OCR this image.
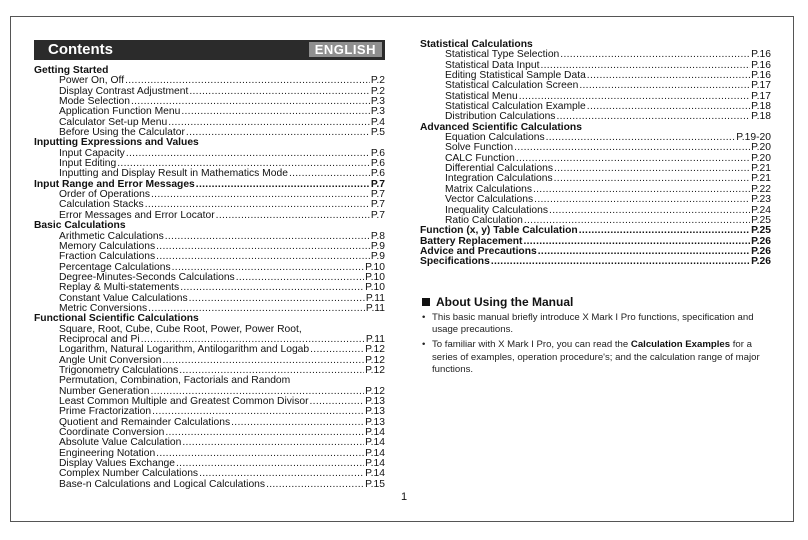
Contents	ENGLISH
Getting Started
Power On, Off .....	P.2
Display Contrast Adjustment .....	P.2
Mode Selection .....	P.3
Application Function Menu .....	P.3
Calculator Set-up Menu .....	P.4
Before Using the Calculator .....	P.5
Inputting Expressions and Values
Input Capacity .....	P.6
Input Editing .....	P.6
Inputting and Display Result in Mathematics Mode .....	P.6
Input Range and Error Messages .....	P.7
Order of Operations .....	P.7
Calculation Stacks .....	P.7
Error Messages and Error Locator .....	P.7
Basic Calculations
Arithmetic Calculations .....	P.8
Memory Calculations .....	P.9
Fraction Calculations .....	P.9
Percentage Calculations .....	P.10
Degree-Minutes-Seconds Calculations .....	P.10
Replay & Multi-statements .....	P.10
Constant Value Calculations .....	P.11
Metric Conversions .....	P.11
Functional Scientific Calculations
Square, Root, Cube, Cube Root, Power, Power Root,
Reciprocal and Pi .....	P.11
Logarithm, Natural Logarithm, Antilogarithm and Logab .....	P.12
Angle Unit Conversion .....	P.12
Trigonometry Calculations .....	P.12
Permutation, Combination, Factorials and Random
Number Generation .....	P.12
Least Common Multiple and Greatest Common Divisor .....	P.13
Prime Fractorization .....	P.13
Quotient and Remainder Calculations .....	P.13
Coordinate Conversion .....	P.14
Absolute Value Calculation .....	P.14
Engineering Notation .....	P.14
Display Values Exchange .....	P.14
Complex Number Calculations .....	P.14
Base-n Calculations and Logical Calculations .....	P.15
Statistical Calculations
Statistical Type Selection .....	P.16
Statistical Data Input .....	P.16
Editing Statistical Sample Data .....	P.16
Statistical Calculation Screen .....	P.17
Statistical Menu .....	P.17
Statistical Calculation Example .....	P.18
Distribution Calculations .....	P.18
Advanced Scientific Calculations
Equation Calculations .....	P.19-20
Solve Function .....	P.20
CALC Function .....	P.20
Differential Calculations .....	P.21
Integration Calculations .....	P.21
Matrix Calculations .....	P.22
Vector Calculations .....	P.23
Inequality Calculations .....	P.24
Ratio Calculation .....	P.25
Function (x, y) Table Calculation .....	P.25
Battery Replacement .....	P.26
Advice and Precautions .....	P.26
Specifications .....	P.26
About Using the Manual
• This basic manual briefly introduce X Mark I Pro functions, specification and usage precautions.
• To familiar with X Mark I Pro, you can read the Calculation Examples for a series of examples, operation procedure's; and the calculation range of major functions.
1
